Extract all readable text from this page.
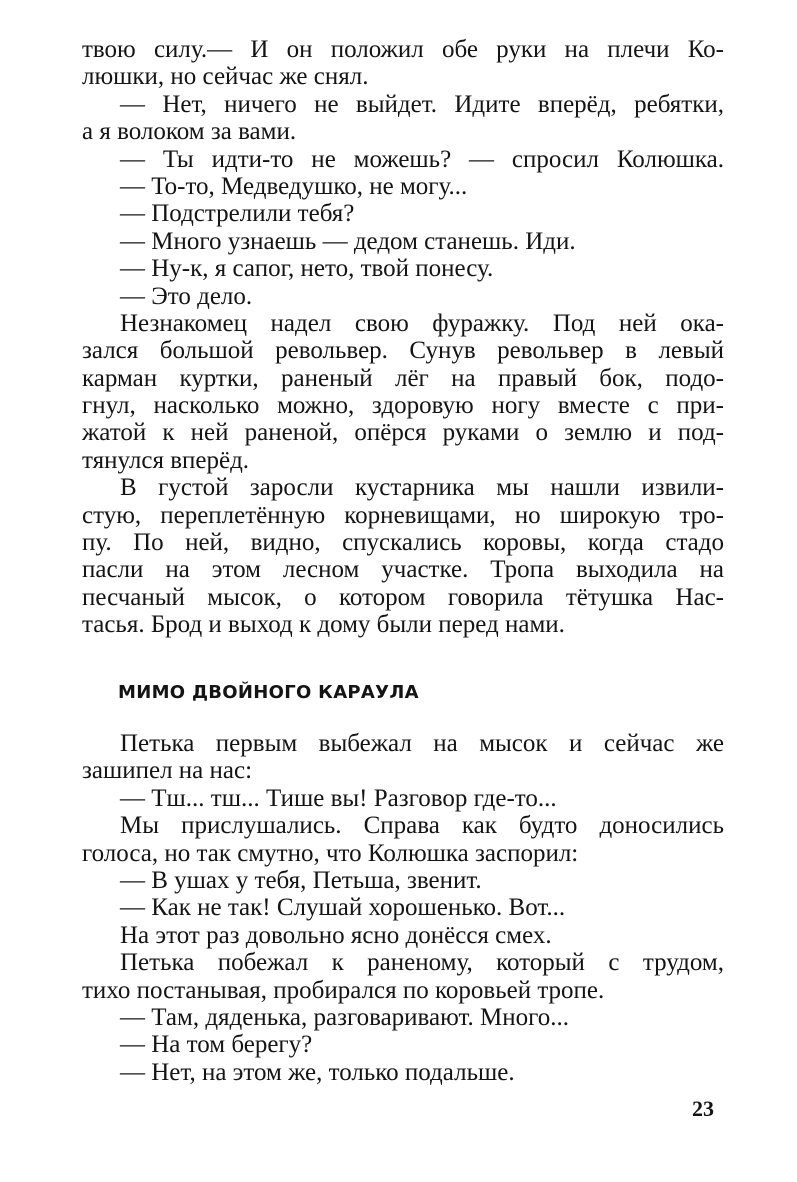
твою силу.— И он положил обе руки на плечи Ко-
люшки, но сейчас же снял.
— Нет, ничего не выйдет. Идите вперёд, ребятки,
а я волоком за вами.
— Ты идти-то не можешь? — спросил Колюшка.
— То-то, Медведушко, не могу...
— Подстрелили тебя?
— Много узнаешь — дедом станешь. Иди.
— Ну-к, я сапог, нето, твой понесу.
— Это дело.
Незнакомец надел свою фуражку. Под ней ока-
зался большой револьвер. Сунув револьвер в левый
карман куртки, раненый лёг на правый бок, подо-
гнул, насколько можно, здоровую ногу вместе с при-
жатой к ней раненой, опёрся руками о землю и под-
тянулся вперёд.
В густой заросли кустарника мы нашли извили-
стую, переплетённую корневищами, но широкую тро-
пу. По ней, видно, спускались коровы, когда стадо
пасли на этом лесном участке. Тропа выходила на
песчаный мысок, о котором говорила тётушка Нас-
тасья. Брод и выход к дому были перед нами.
МИМО ДВОЙНОГО КАРАУЛА
Петька первым выбежал на мысок и сейчас же
зашипел на нас:
— Тш... тш... Тише вы! Разговор где-то...
Мы прислушались. Справа как будто доносились
голоса, но так смутно, что Колюшка заспорил:
— В ушах у тебя, Петьша, звенит.
— Как не так! Слушай хорошенько. Вот...
На этот раз довольно ясно донёсся смех.
Петька побежал к раненому, который с трудом,
тихо постанывая, пробирался по коровьей тропе.
— Там, дяденька, разговаривают. Много...
— На том берегу?
— Нет, на этом же, только подальше.
23
